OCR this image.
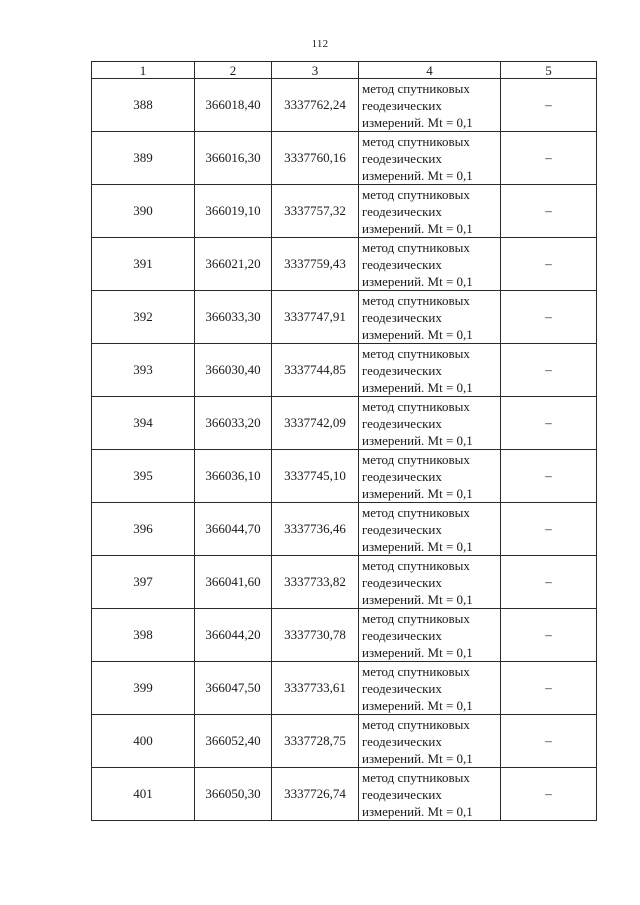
112
1	2	3	4	5
388	366018,40	3337762,24	метод спутниковых
геодезических
измерений. Mt = 0,1	–
389	366016,30	3337760,16	метод спутниковых
геодезических
измерений. Mt = 0,1	–
390	366019,10	3337757,32	метод спутниковых
геодезических
измерений. Mt = 0,1	–
391	366021,20	3337759,43	метод спутниковых
геодезических
измерений. Mt = 0,1	–
392	366033,30	3337747,91	метод спутниковых
геодезических
измерений. Mt = 0,1	–
393	366030,40	3337744,85	метод спутниковых
геодезических
измерений. Mt = 0,1	–
394	366033,20	3337742,09	метод спутниковых
геодезических
измерений. Mt = 0,1	–
395	366036,10	3337745,10	метод спутниковых
геодезических
измерений. Mt = 0,1	–
396	366044,70	3337736,46	метод спутниковых
геодезических
измерений. Mt = 0,1	–
397	366041,60	3337733,82	метод спутниковых
геодезических
измерений. Mt = 0,1	–
398	366044,20	3337730,78	метод спутниковых
геодезических
измерений. Mt = 0,1	–
399	366047,50	3337733,61	метод спутниковых
геодезических
измерений. Mt = 0,1	–
400	366052,40	3337728,75	метод спутниковых
геодезических
измерений. Mt = 0,1	–
401	366050,30	3337726,74	метод спутниковых
геодезических
измерений. Mt = 0,1	–
